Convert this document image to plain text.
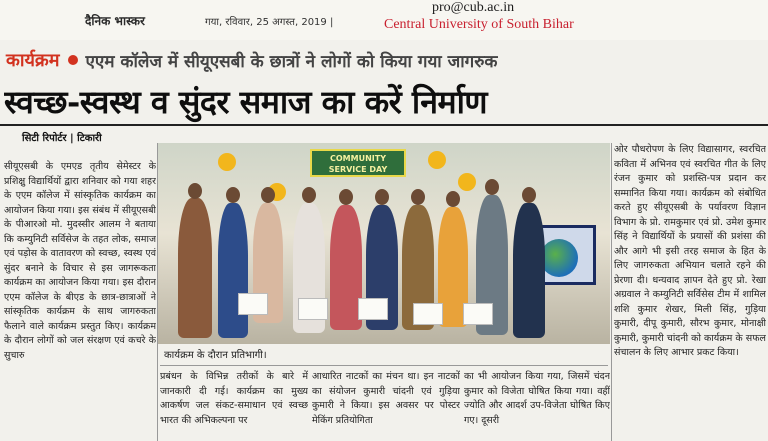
दैनिक भास्कर	गया, रविवार, 25 अगस्त, 2019 |
pro@cub.ac.in
Central University of South Bihar
कार्यक्रम एएम कॉलेज में सीयूएसबी के छात्रों ने लोगों को किया गया जागरुक
स्वच्छ-स्वस्थ व सुंदर समाज का करें निर्माण
सिटी रिपोर्टर | टिकारी
सीयूएसबी के एमएड तृतीय सेमेस्टर के प्रशिक्षु विद्यार्थियों द्वारा शनिवार को गया शहर के एएम कॉलेज में सांस्कृतिक कार्यक्रम का आयोजन किया गया। इस संबंध में सीयूएसबी के पीआरओ मो. मुदस्सीर आलम ने बताया कि कम्युनिटी सर्विसेज के तहत लोक, समाज एवं पड़ोस के वातावरण को स्वच्छ, स्वस्थ एवं सुंदर बनाने के विचार से इस जागरूकता कार्यक्रम का आयोजन किया गया। इस दौरान एएम कॉलेज के बीएड के छात्र-छात्राओं ने सांस्कृतिक कार्यक्रम के साथ जागरुकता फैलाने वाले कार्यक्रम प्रस्तुत किए। कार्यक्रम के दौरान लोगों को जल संरक्षण एवं कचरे के सुचारु
COMMUNITY SERVICE DAY
कार्यक्रम के दौरान प्रतिभागी।
प्रबंधन के विभिन्न तरीकों के बारे में जानकारी दी गई। कार्यक्रम का मुख्य आकर्षण जल संकट-समाधान एवं स्वच्छ भारत की अभिकल्पना पर
आधारित नाटकों का मंचन था। इन नाटकों का संयोजन कुमारी चांदनी एवं गुड़िया कुमारी ने किया। इस अवसर पर पोस्टर मेकिंग प्रतियोगिता
का भी आयोजन किया गया, जिसमें चंदन कुमार को विजेता घोषित किया गया। वहीं ज्योति और आदर्श उप-विजेता घोषित किए गए। दूसरी
ओर पौधरोपण के लिए विद्यासागर, स्वरचित कविता में अभिनव एवं स्वरचित गीत के लिए रंजन कुमार को प्रशस्ति-पत्र प्रदान कर सम्मानित किया गया। कार्यक्रम को संबोधित करते हुए सीयूएसबी के पर्यावरण विज्ञान विभाग के प्रो. रामकुमार एवं प्रो. उमेश कुमार सिंह ने विद्यार्थियों के प्रयासों की प्रशंसा की और आगे भी इसी तरह समाज के हित के लिए जागरुकता अभियान चलाते रहने की प्रेरणा दी। धन्यवाद ज्ञापन देते हुए प्रो. रेखा अग्रवाल ने कम्युनिटी सर्विसेस टीम में शामिल शशि कुमार शेखर, मिली सिंह, गुड़िया कुमारी, दीपू कुमारी, सौरभ कुमार, मोनाक्षी कुमारी, कुमारी चांदनी को कार्यक्रम के सफल संचालन के लिए आभार प्रकट किया।
